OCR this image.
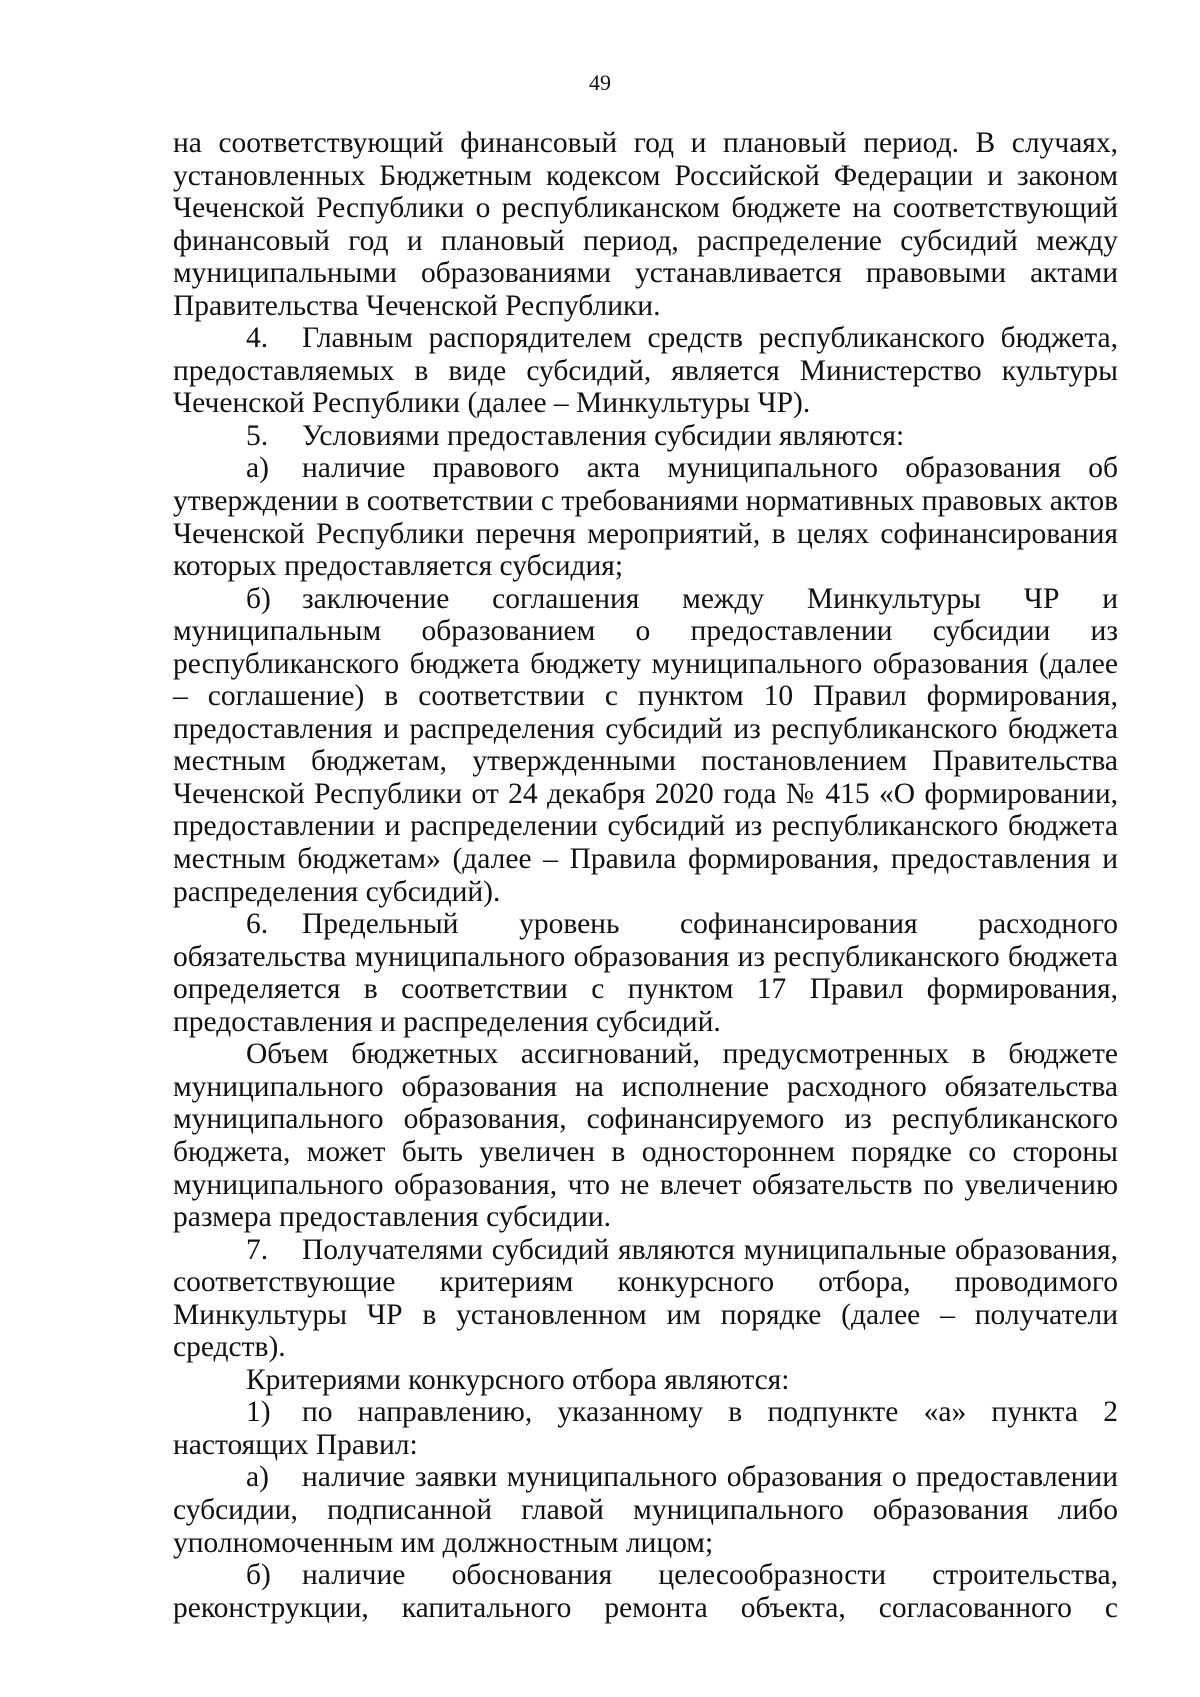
49

на соответствующий финансовый год и плановый период. В случаях, установленных Бюджетным кодексом Российской Федерации и законом Чеченской Республики о республиканском бюджете на соответствующий финансовый год и плановый период, распределение субсидий между муниципальными образованиями устанавливается правовыми актами Правительства Чеченской Республики.

4. Главным распорядителем средств республиканского бюджета, предоставляемых в виде субсидий, является Министерство культуры Чеченской Республики (далее – Минкультуры ЧР).

5. Условиями предоставления субсидии являются:

а) наличие правового акта муниципального образования об утверждении в соответствии с требованиями нормативных правовых актов Чеченской Республики перечня мероприятий, в целях софинансирования которых предоставляется субсидия;

б) заключение соглашения между Минкультуры ЧР и муниципальным образованием о предоставлении субсидии из республиканского бюджета бюджету муниципального образования (далее – соглашение) в соответствии с пунктом 10 Правил формирования, предоставления и распределения субсидий из республиканского бюджета местным бюджетам, утвержденными постановлением Правительства Чеченской Республики от 24 декабря 2020 года № 415 «О формировании, предоставлении и распределении субсидий из республиканского бюджета местным бюджетам» (далее – Правила формирования, предоставления и распределения субсидий).

6. Предельный уровень софинансирования расходного обязательства муниципального образования из республиканского бюджета определяется в соответствии с пунктом 17 Правил формирования, предоставления и распределения субсидий.

Объем бюджетных ассигнований, предусмотренных в бюджете муниципального образования на исполнение расходного обязательства муниципального образования, софинансируемого из республиканского бюджета, может быть увеличен в одностороннем порядке со стороны муниципального образования, что не влечет обязательств по увеличению размера предоставления субсидии.

7. Получателями субсидий являются муниципальные образования, соответствующие критериям конкурсного отбора, проводимого Минкультуры ЧР в установленном им порядке (далее – получатели средств).

Критериями конкурсного отбора являются:

1) по направлению, указанному в подпункте «а» пункта 2 настоящих Правил:

а) наличие заявки муниципального образования о предоставлении субсидии, подписанной главой муниципального образования либо уполномоченным им должностным лицом;

б) наличие обоснования целесообразности строительства, реконструкции, капитального ремонта объекта, согласованного с
